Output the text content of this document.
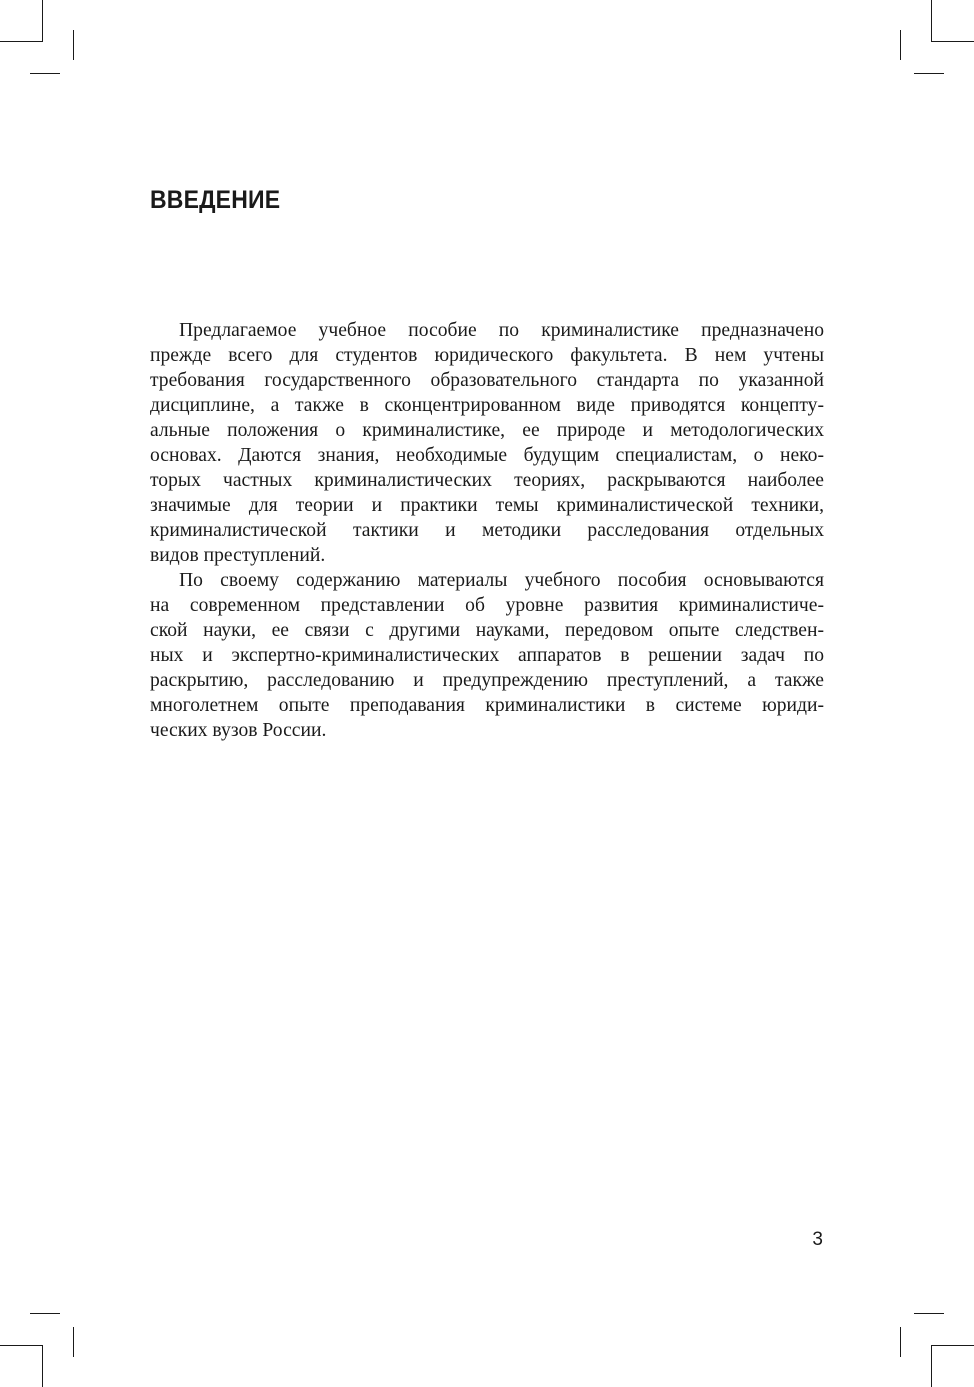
ВВЕДЕНИЕ
Предлагаемое учебное пособие по криминалистике предназначено
прежде всего для студентов юридического факультета. В нем учтены
требования государственного образовательного стандарта по указанной
дисциплине, а также в сконцентрированном виде приводятся концепту-
альные положения о криминалистике, ее природе и методологических
основах. Даются знания, необходимые будущим специалистам, о неко-
торых частных криминалистических теориях, раскрываются наиболее
значимые для теории и практики темы криминалистической техники,
криминалистической тактики и методики расследования отдельных
видов преступлений.
По своему содержанию материалы учебного пособия основываются
на современном представлении об уровне развития криминалистиче-
ской науки, ее связи с другими науками, передовом опыте следствен-
ных и экспертно-криминалистических аппаратов в решении задач по
раскрытию, расследованию и предупреждению преступлений, а также
многолетнем опыте преподавания криминалистики в системе юриди-
ческих вузов России.
3
